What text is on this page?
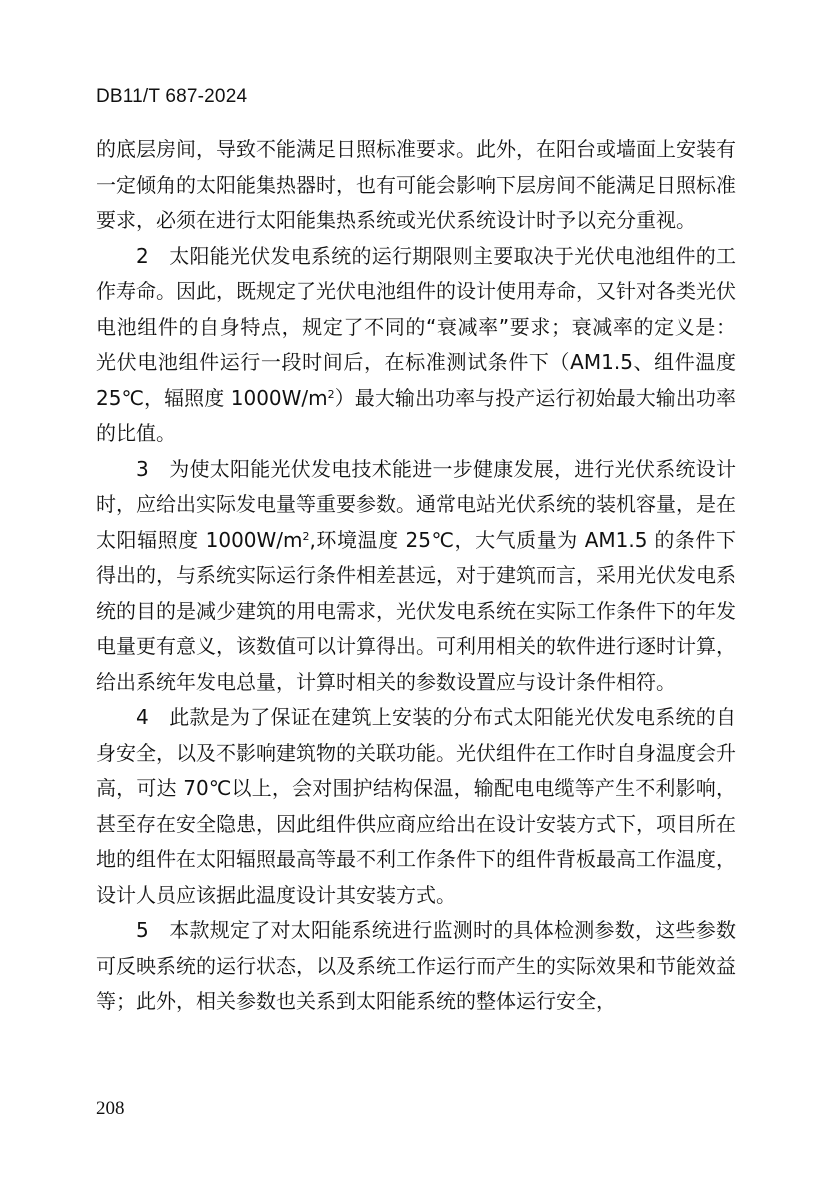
DB11/T 687-2024

的底层房间，导致不能满足日照标准要求。此外，在阳台或墙面上安装有一定倾角的太阳能集热器时，也有可能会影响下层房间不能满足日照标准要求，必须在进行太阳能集热系统或光伏系统设计时予以充分重视。

2　太阳能光伏发电系统的运行期限则主要取决于光伏电池组件的工作寿命。因此，既规定了光伏电池组件的设计使用寿命，又针对各类光伏电池组件的自身特点，规定了不同的“衰减率”要求；衰减率的定义是：光伏电池组件运行一段时间后，在标准测试条件下（AM1.5、组件温度 25℃，辐照度 $1000W/m^2$）最大输出功率与投产运行初始最大输出功率的比值。

3　为使太阳能光伏发电技术能进一步健康发展，进行光伏系统设计时，应给出实际发电量等重要参数。通常电站光伏系统的装机容量，是在太阳辐照度 $1000W/m^2$,环境温度 25℃，大气质量为 AM1.5 的条件下得出的，与系统实际运行条件相差甚远，对于建筑而言，采用光伏发电系统的目的是减少建筑的用电需求，光伏发电系统在实际工作条件下的年发电量更有意义，该数值可以计算得出。可利用相关的软件进行逐时计算，给出系统年发电总量，计算时相关的参数设置应与设计条件相符。

4　此款是为了保证在建筑上安装的分布式太阳能光伏发电系统的自身安全，以及不影响建筑物的关联功能。光伏组件在工作时自身温度会升高，可达 70℃以上，会对围护结构保温，输配电电缆等产生不利影响，甚至存在安全隐患，因此组件供应商应给出在设计安装方式下，项目所在地的组件在太阳辐照最高等最不利工作条件下的组件背板最高工作温度，设计人员应该据此温度设计其安装方式。

5　本款规定了对太阳能系统进行监测时的具体检测参数，这些参数可反映系统的运行状态，以及系统工作运行而产生的实际效果和节能效益等；此外，相关参数也关系到太阳能系统的整体运行安全，

208
